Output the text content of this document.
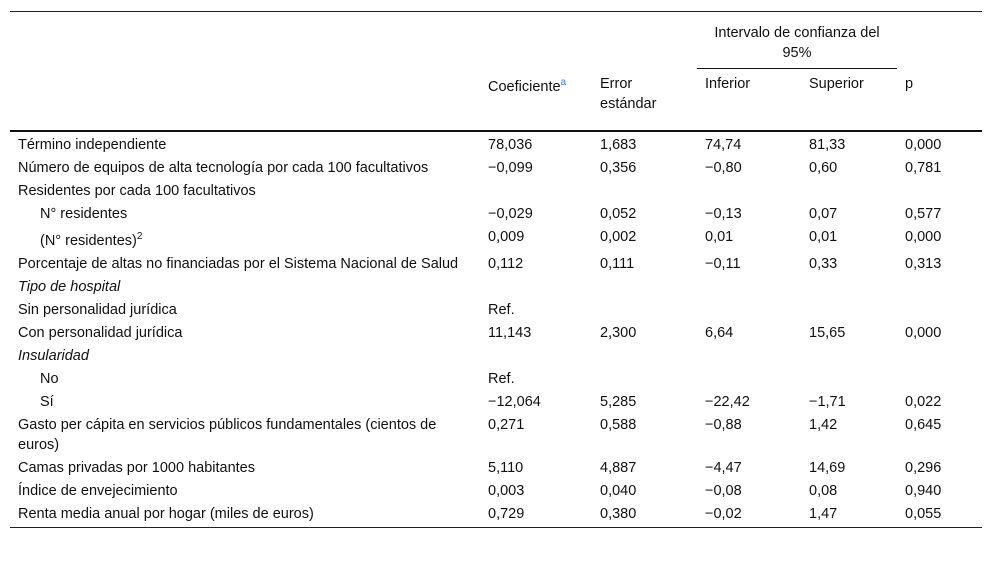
			Intervalo de confianza del 95%		
	Coeficiente$^a$	Error estándar	Inferior	Superior	p
Término independiente	78,036	1,683	74,74	81,33	0,000
Número de equipos de alta tecnología por cada 100 facultativos	−0,099	0,356	−0,80	0,60	0,781
Residentes por cada 100 facultativos					
N° residentes	−0,029	0,052	−0,13	0,07	0,577
(N° residentes)$^2$	0,009	0,002	0,01	0,01	0,000
Porcentaje de altas no financiadas por el Sistema Nacional de Salud	0,112	0,111	−0,11	0,33	0,313
Tipo de hospital					
Sin personalidad jurídica	Ref.				
Con personalidad jurídica	11,143	2,300	6,64	15,65	0,000
Insularidad					
No	Ref.				
Sí	−12,064	5,285	−22,42	−1,71	0,022
Gasto per cápita en servicios públicos fundamentales (cientos de euros)	0,271	0,588	−0,88	1,42	0,645
Camas privadas por 1000 habitantes	5,110	4,887	−4,47	14,69	0,296
Índice de envejecimiento	0,003	0,040	−0,08	0,08	0,940
Renta media anual por hogar (miles de euros)	0,729	0,380	−0,02	1,47	0,055
